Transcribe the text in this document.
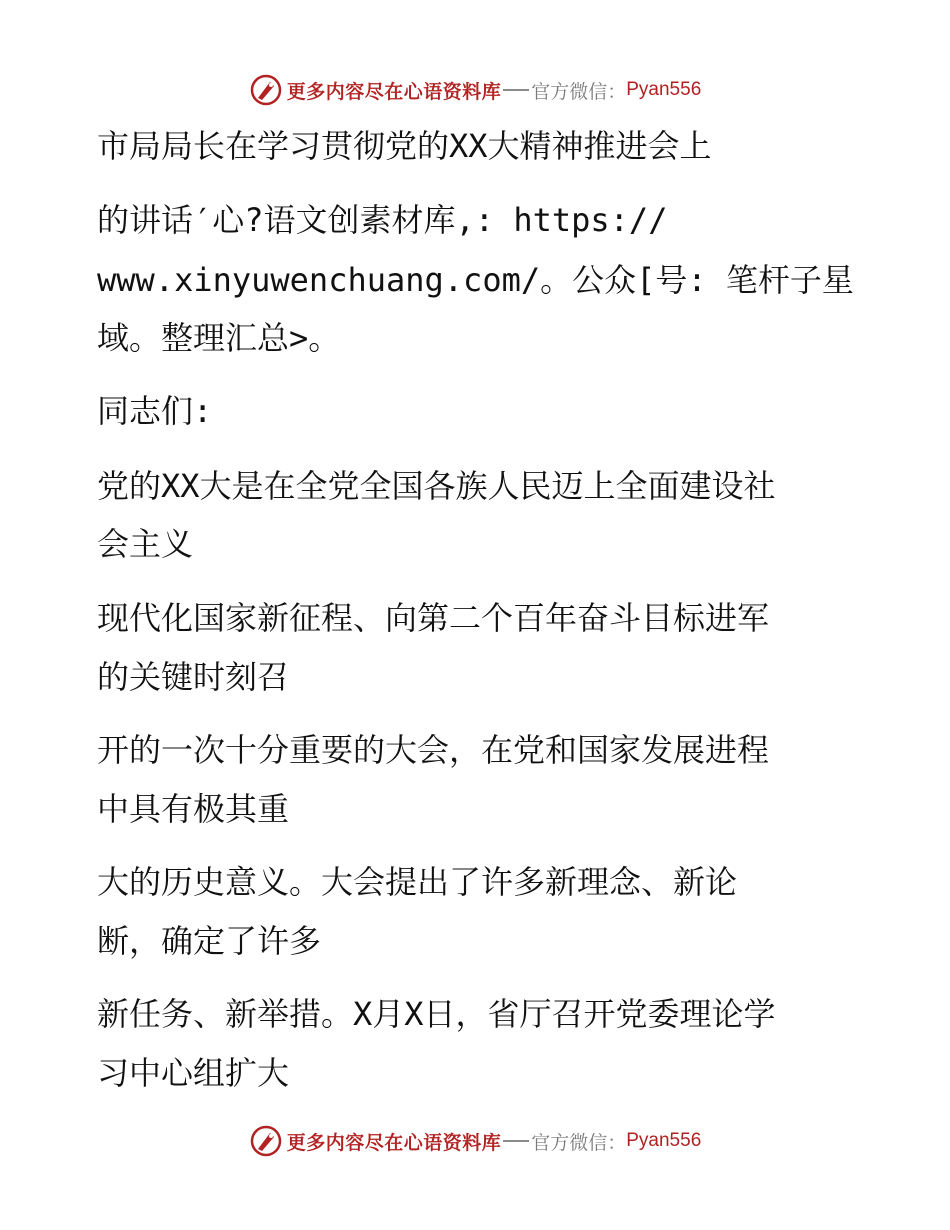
更多内容尽在心语资料库 官方微信： Pyan556
市局局长在学习贯彻党的XX大精神推进会上
的讲话′心?语文创素材库,: https://
www.xinyuwenchuang.com/。公众[号: 笔杆子星
域。整理汇总>。
同志们:
党的XX大是在全党全国各族人民迈上全面建设社
会主义
现代化国家新征程、向第二个百年奋斗目标进军
的关键时刻召
开的一次十分重要的大会，在党和国家发展进程
中具有极其重
大的历史意义。大会提出了许多新理念、新论
断，确定了许多
新任务、新举措。X月X日，省厅召开党委理论学
习中心组扩大
更多内容尽在心语资料库 官方微信： Pyan556
